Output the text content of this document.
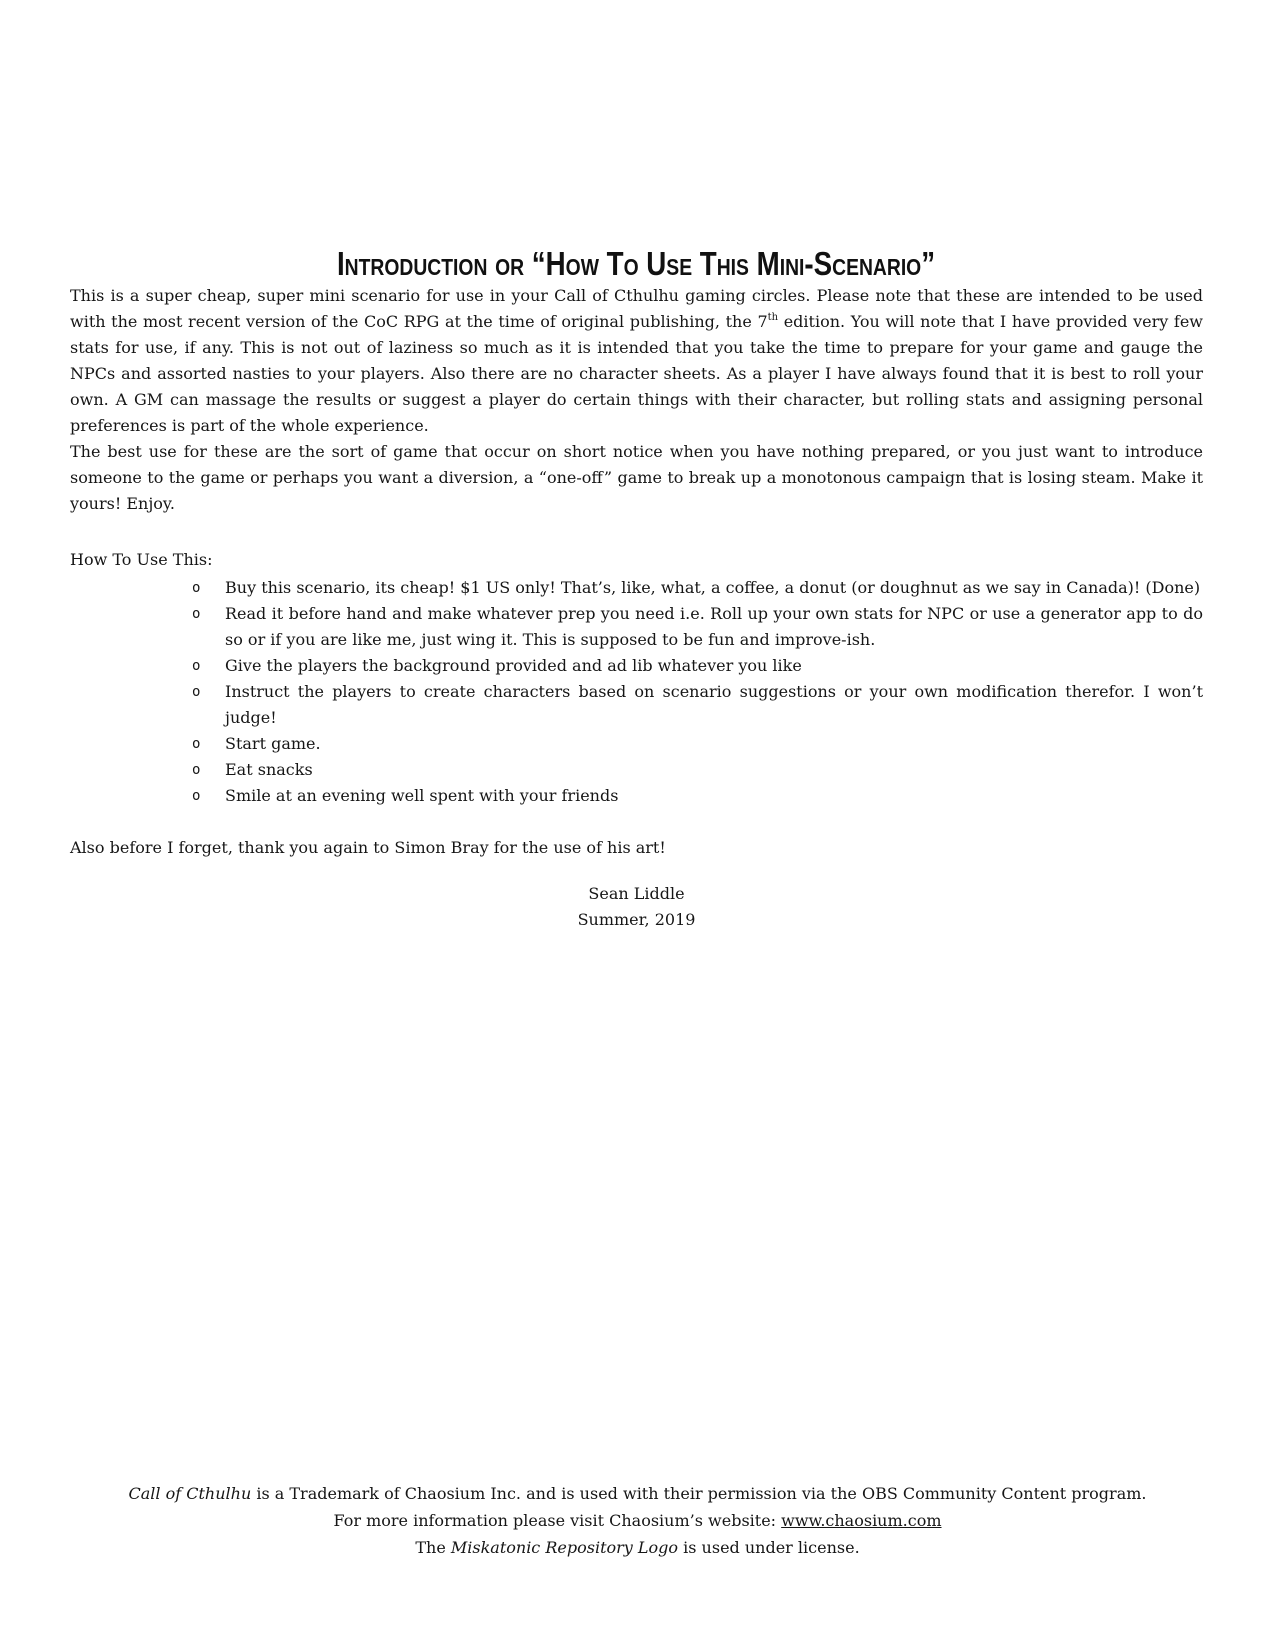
Introduction or “How To Use This Mini-Scenario”

This is a super cheap, super mini scenario for use in your Call of Cthulhu gaming circles. Please note that these are intended to be used with the most recent version of the CoC RPG at the time of original publishing, the 7th edition. You will note that I have provided very few stats for use, if any. This is not out of laziness so much as it is intended that you take the time to prepare for your game and gauge the NPCs and assorted nasties to your players. Also there are no character sheets. As a player I have always found that it is best to roll your own. A GM can massage the results or suggest a player do certain things with their character, but rolling stats and assigning personal preferences is part of the whole experience.

The best use for these are the sort of game that occur on short notice when you have nothing prepared, or you just want to introduce someone to the game or perhaps you want a diversion, a “one-off” game to break up a monotonous campaign that is losing steam. Make it yours! Enjoy.

How To Use This:

o Buy this scenario, its cheap! $1 US only! That’s, like, what, a coffee, a donut (or doughnut as we say in Canada)! (Done)
o Read it before hand and make whatever prep you need i.e. Roll up your own stats for NPC or use a generator app to do so or if you are like me, just wing it. This is supposed to be fun and improve-ish.
o Give the players the background provided and ad lib whatever you like
o Instruct the players to create characters based on scenario suggestions or your own modification therefor. I won’t judge!
o Start game.
o Eat snacks
o Smile at an evening well spent with your friends

Also before I forget, thank you again to Simon Bray for the use of his art!

Sean Liddle
Summer, 2019
Call of Cthulhu is a Trademark of Chaosium Inc. and is used with their permission via the OBS Community Content program.
For more information please visit Chaosium’s website: www.chaosium.com
The Miskatonic Repository Logo is used under license.
